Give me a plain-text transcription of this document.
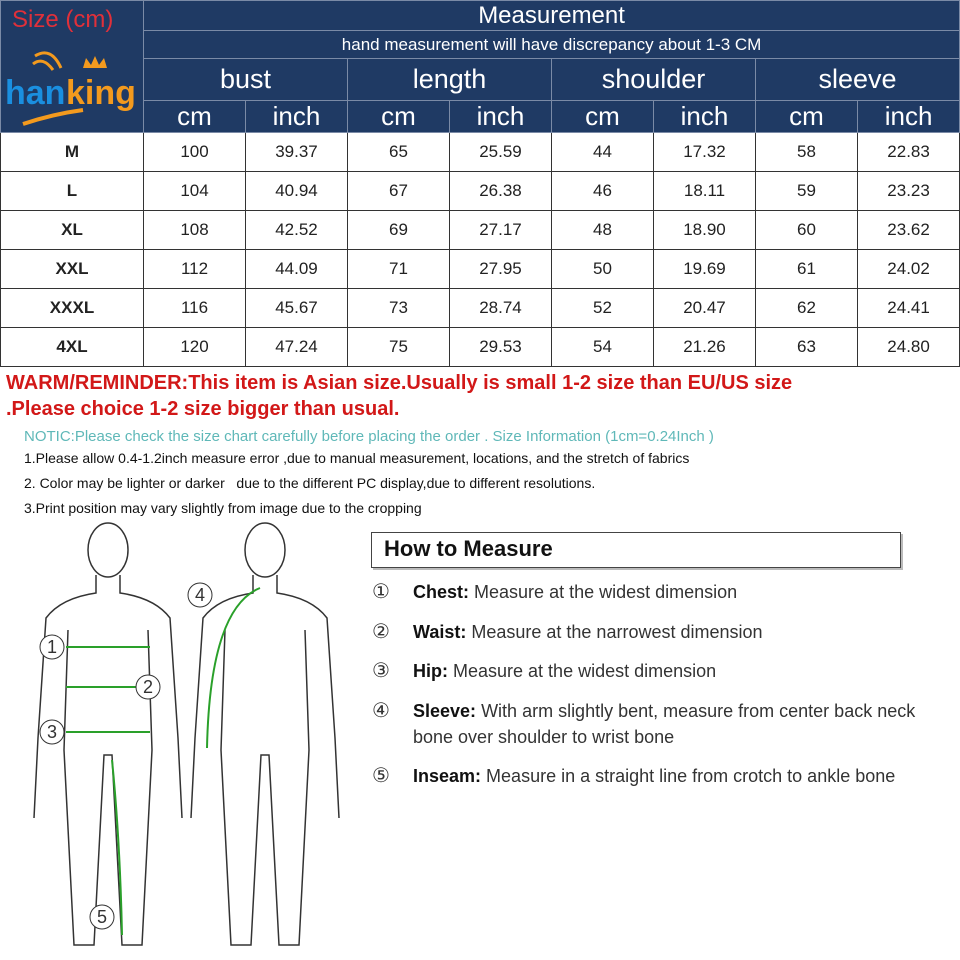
	Measurement							
	hand measurement will have discrepancy about 1-3 CM							
	bust		length		shoulder		sleeve	
	cm	inch	cm	inch	cm	inch	cm	inch
M	100	39.37	65	25.59	44	17.32	58	22.83
L	104	40.94	67	26.38	46	18.11	59	23.23
XL	108	42.52	69	27.17	48	18.90	60	23.62
XXL	112	44.09	71	27.95	50	19.69	61	24.02
XXXL	116	45.67	73	28.74	52	20.47	62	24.41
4XL	120	47.24	75	29.53	54	21.26	63	24.80
Size (cm)
han king
WARM/REMINDER:This item is Asian size.Usually is small 1-2 size than EU/US size
.Please choice 1-2 size bigger than usual.
NOTIC:Please check the size chart carefully before placing the order . Size Information (1cm=0.24Inch )
1.Please allow 0.4-1.2inch measure error ,due to manual measurement, locations, and the stretch of fabrics
2. Color may be lighter or darker   due to the different PC display,due to different resolutions.
3.Print position may vary slightly from image due to the cropping
1
2
3
4
5
How to Measure
① Chest: Measure at the widest dimension
② Waist: Measure at the narrowest dimension
③ Hip: Measure at the widest dimension
④ Sleeve: With arm slightly bent, measure from center back neck bone over shoulder to wrist bone
⑤ Inseam: Measure in a straight line from crotch to ankle bone
